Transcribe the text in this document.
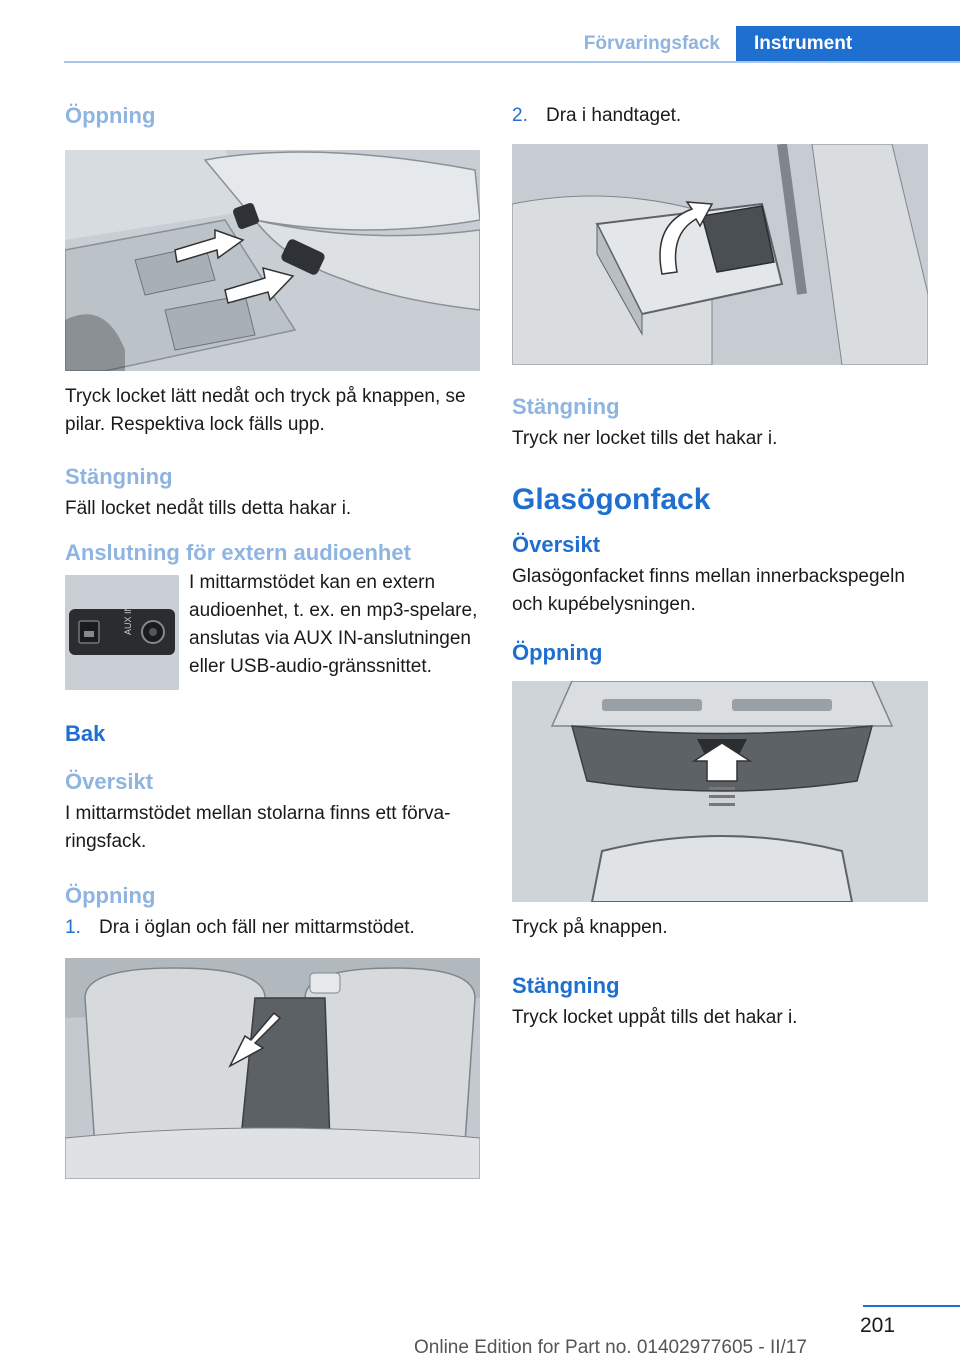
Förvaringsfack	Instrument
Öppning

Tryck locket lätt nedåt och tryck på knappen, se pilar. Respektiva lock fälls upp.

Stängning

Fäll locket nedåt tills detta hakar i.

Anslutning för extern audioenhet
AUX IN

I mittarmstödet kan en extern audioenhet, t. ex. en mp3-spelare, anslutas via AUX IN-anslutningen eller USB-audio-gränssnittet.

Bak
Översikt

I mittarmstödet mellan stolarna finns ett förvaringsfack.

Öppning
1. Dra i öglan och fäll ner mittarmstödet.
2. Dra i handtaget.
Stängning

Tryck ner locket tills det hakar i.

Glasögonfack
Översikt

Glasögonfacket finns mellan innerbackspegeln och kupébelysningen.

Öppning

Tryck på knappen.

Stängning

Tryck locket uppåt tills det hakar i.

201
Online Edition for Part no. 01402977605 - II/17
